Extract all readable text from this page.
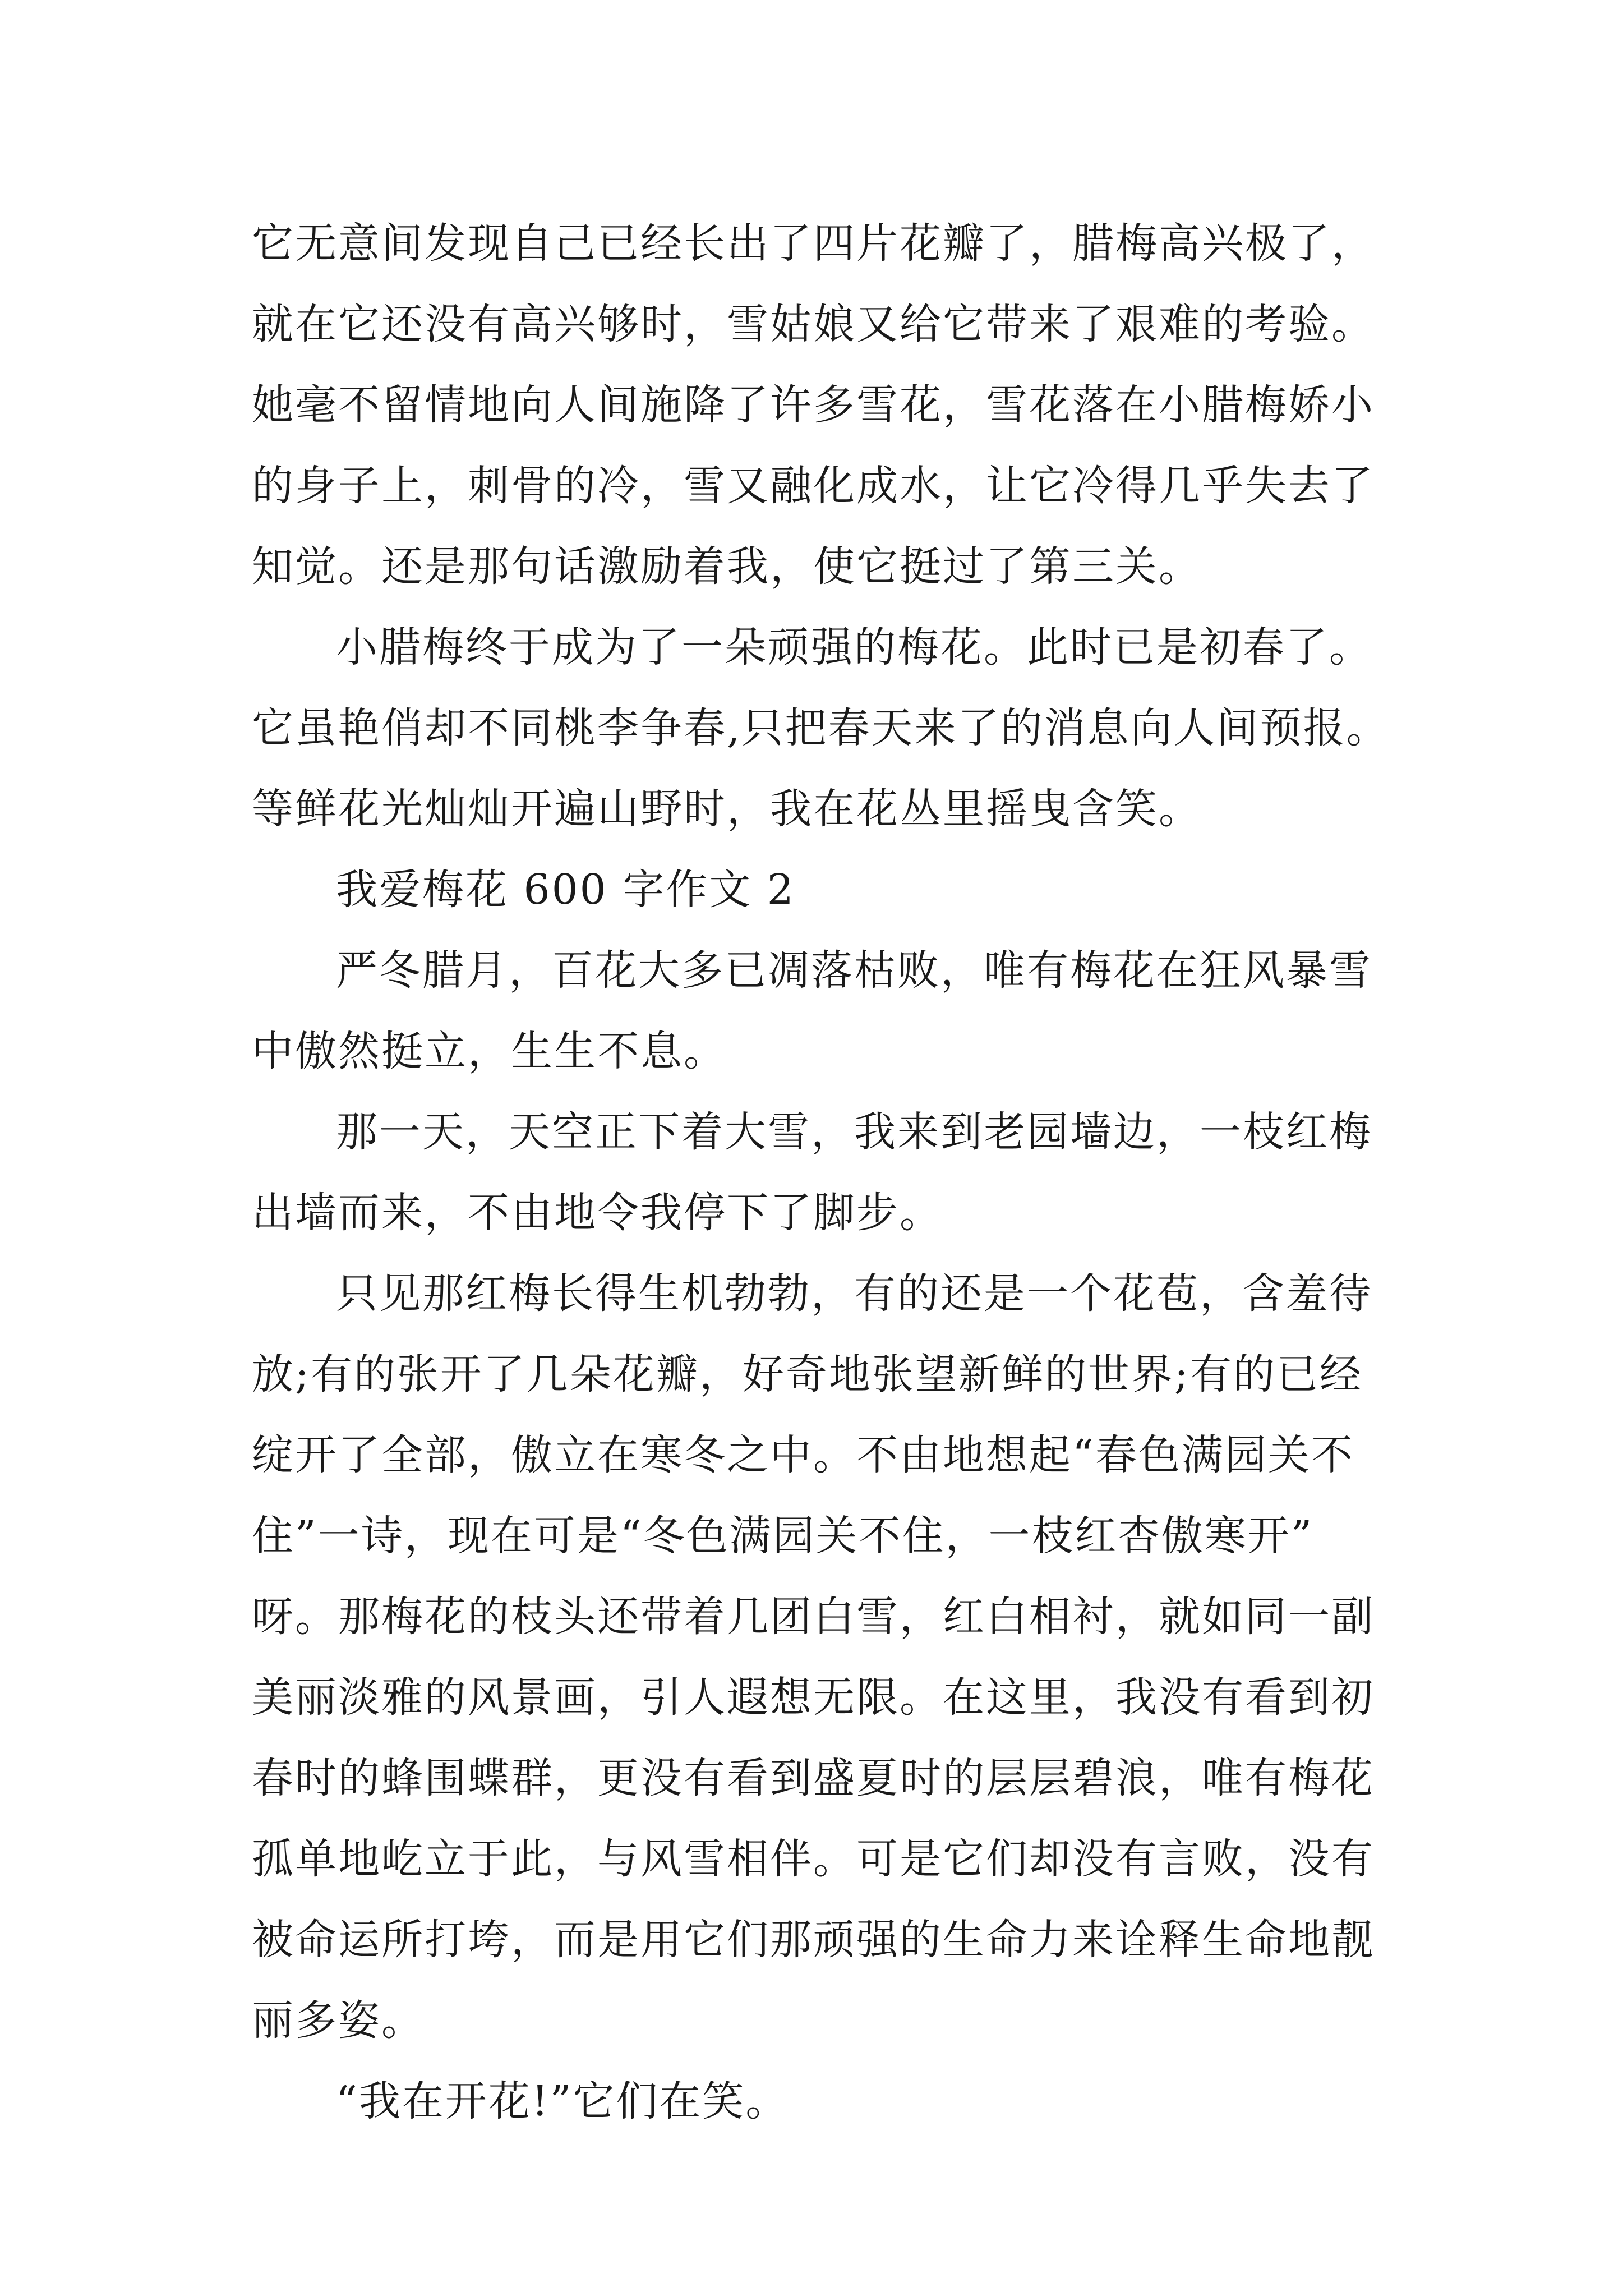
它无意间发现自己已经长出了四片花瓣了，腊梅高兴极了，
就在它还没有高兴够时，雪姑娘又给它带来了艰难的考验。
她毫不留情地向人间施降了许多雪花，雪花落在小腊梅娇小
的身子上，刺骨的冷，雪又融化成水，让它冷得几乎失去了
知觉。还是那句话激励着我，使它挺过了第三关。

小腊梅终于成为了一朵顽强的梅花。此时已是初春了。
它虽艳俏却不同桃李争春,只把春天来了的消息向人间预报。
等鲜花光灿灿开遍山野时，我在花丛里摇曳含笑。

我爱梅花 600 字作文 2

严冬腊月，百花大多已凋落枯败，唯有梅花在狂风暴雪
中傲然挺立，生生不息。

那一天，天空正下着大雪，我来到老园墙边，一枝红梅
出墙而来，不由地令我停下了脚步。

只见那红梅长得生机勃勃，有的还是一个花苞，含羞待
放;有的张开了几朵花瓣，好奇地张望新鲜的世界;有的已经
绽开了全部，傲立在寒冬之中。不由地想起“春色满园关不
住”一诗，现在可是“冬色满园关不住，一枝红杏傲寒开”
呀。那梅花的枝头还带着几团白雪，红白相衬，就如同一副
美丽淡雅的风景画，引人遐想无限。在这里，我没有看到初
春时的蜂围蝶群，更没有看到盛夏时的层层碧浪，唯有梅花
孤单地屹立于此，与风雪相伴。可是它们却没有言败，没有
被命运所打垮，而是用它们那顽强的生命力来诠释生命地靓
丽多姿。

“我在开花!”它们在笑。
